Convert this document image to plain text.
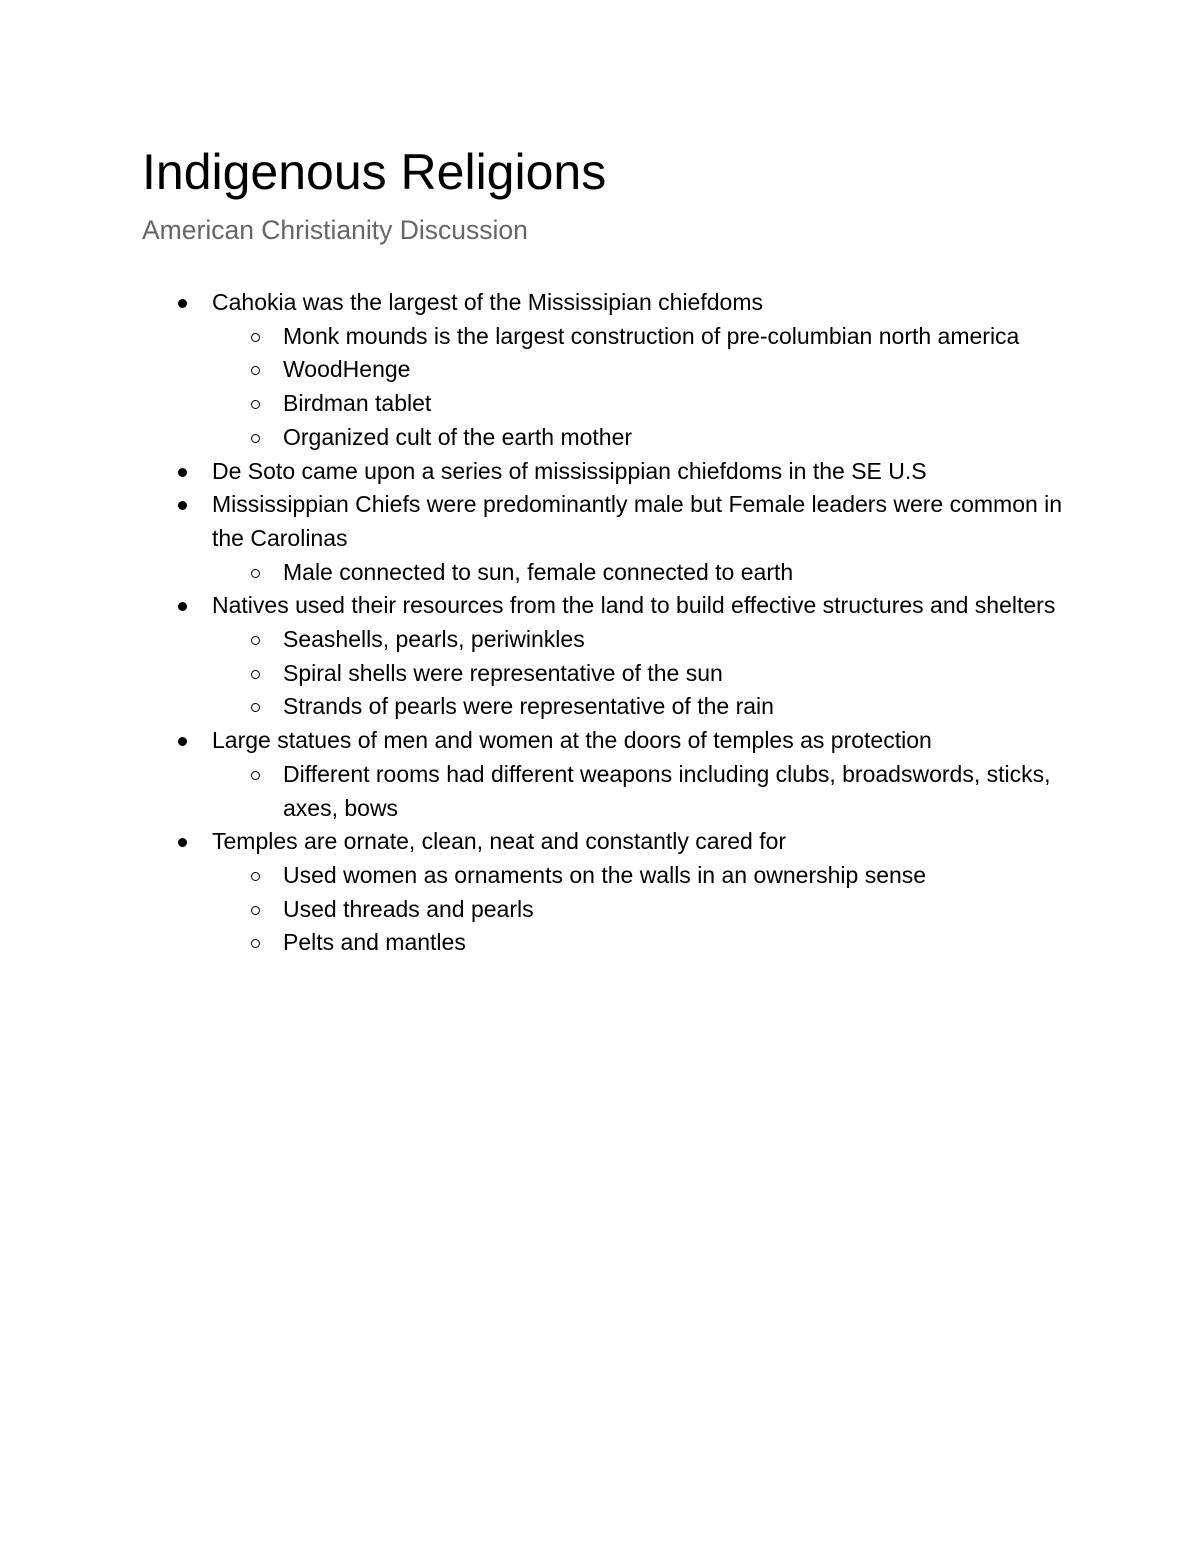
Indigenous Religions
American Christianity Discussion
Cahokia was the largest of the Mississipian chiefdoms
Monk mounds is the largest construction of pre-columbian north america
WoodHenge
Birdman tablet
Organized cult of the earth mother
De Soto came upon a series of mississippian chiefdoms in the SE U.S
Mississippian Chiefs were predominantly male but Female leaders were common in the Carolinas
Male connected to sun, female connected to earth
Natives used their resources from the land to build effective structures and shelters
Seashells, pearls, periwinkles
Spiral shells were representative of the sun
Strands of pearls were representative of the rain
Large statues of men and women at the doors of temples as protection
Different rooms had different weapons including clubs, broadswords, sticks, axes, bows
Temples are ornate, clean, neat and constantly cared for
Used women as ornaments on the walls in an ownership sense
Used threads and pearls
Pelts and mantles
